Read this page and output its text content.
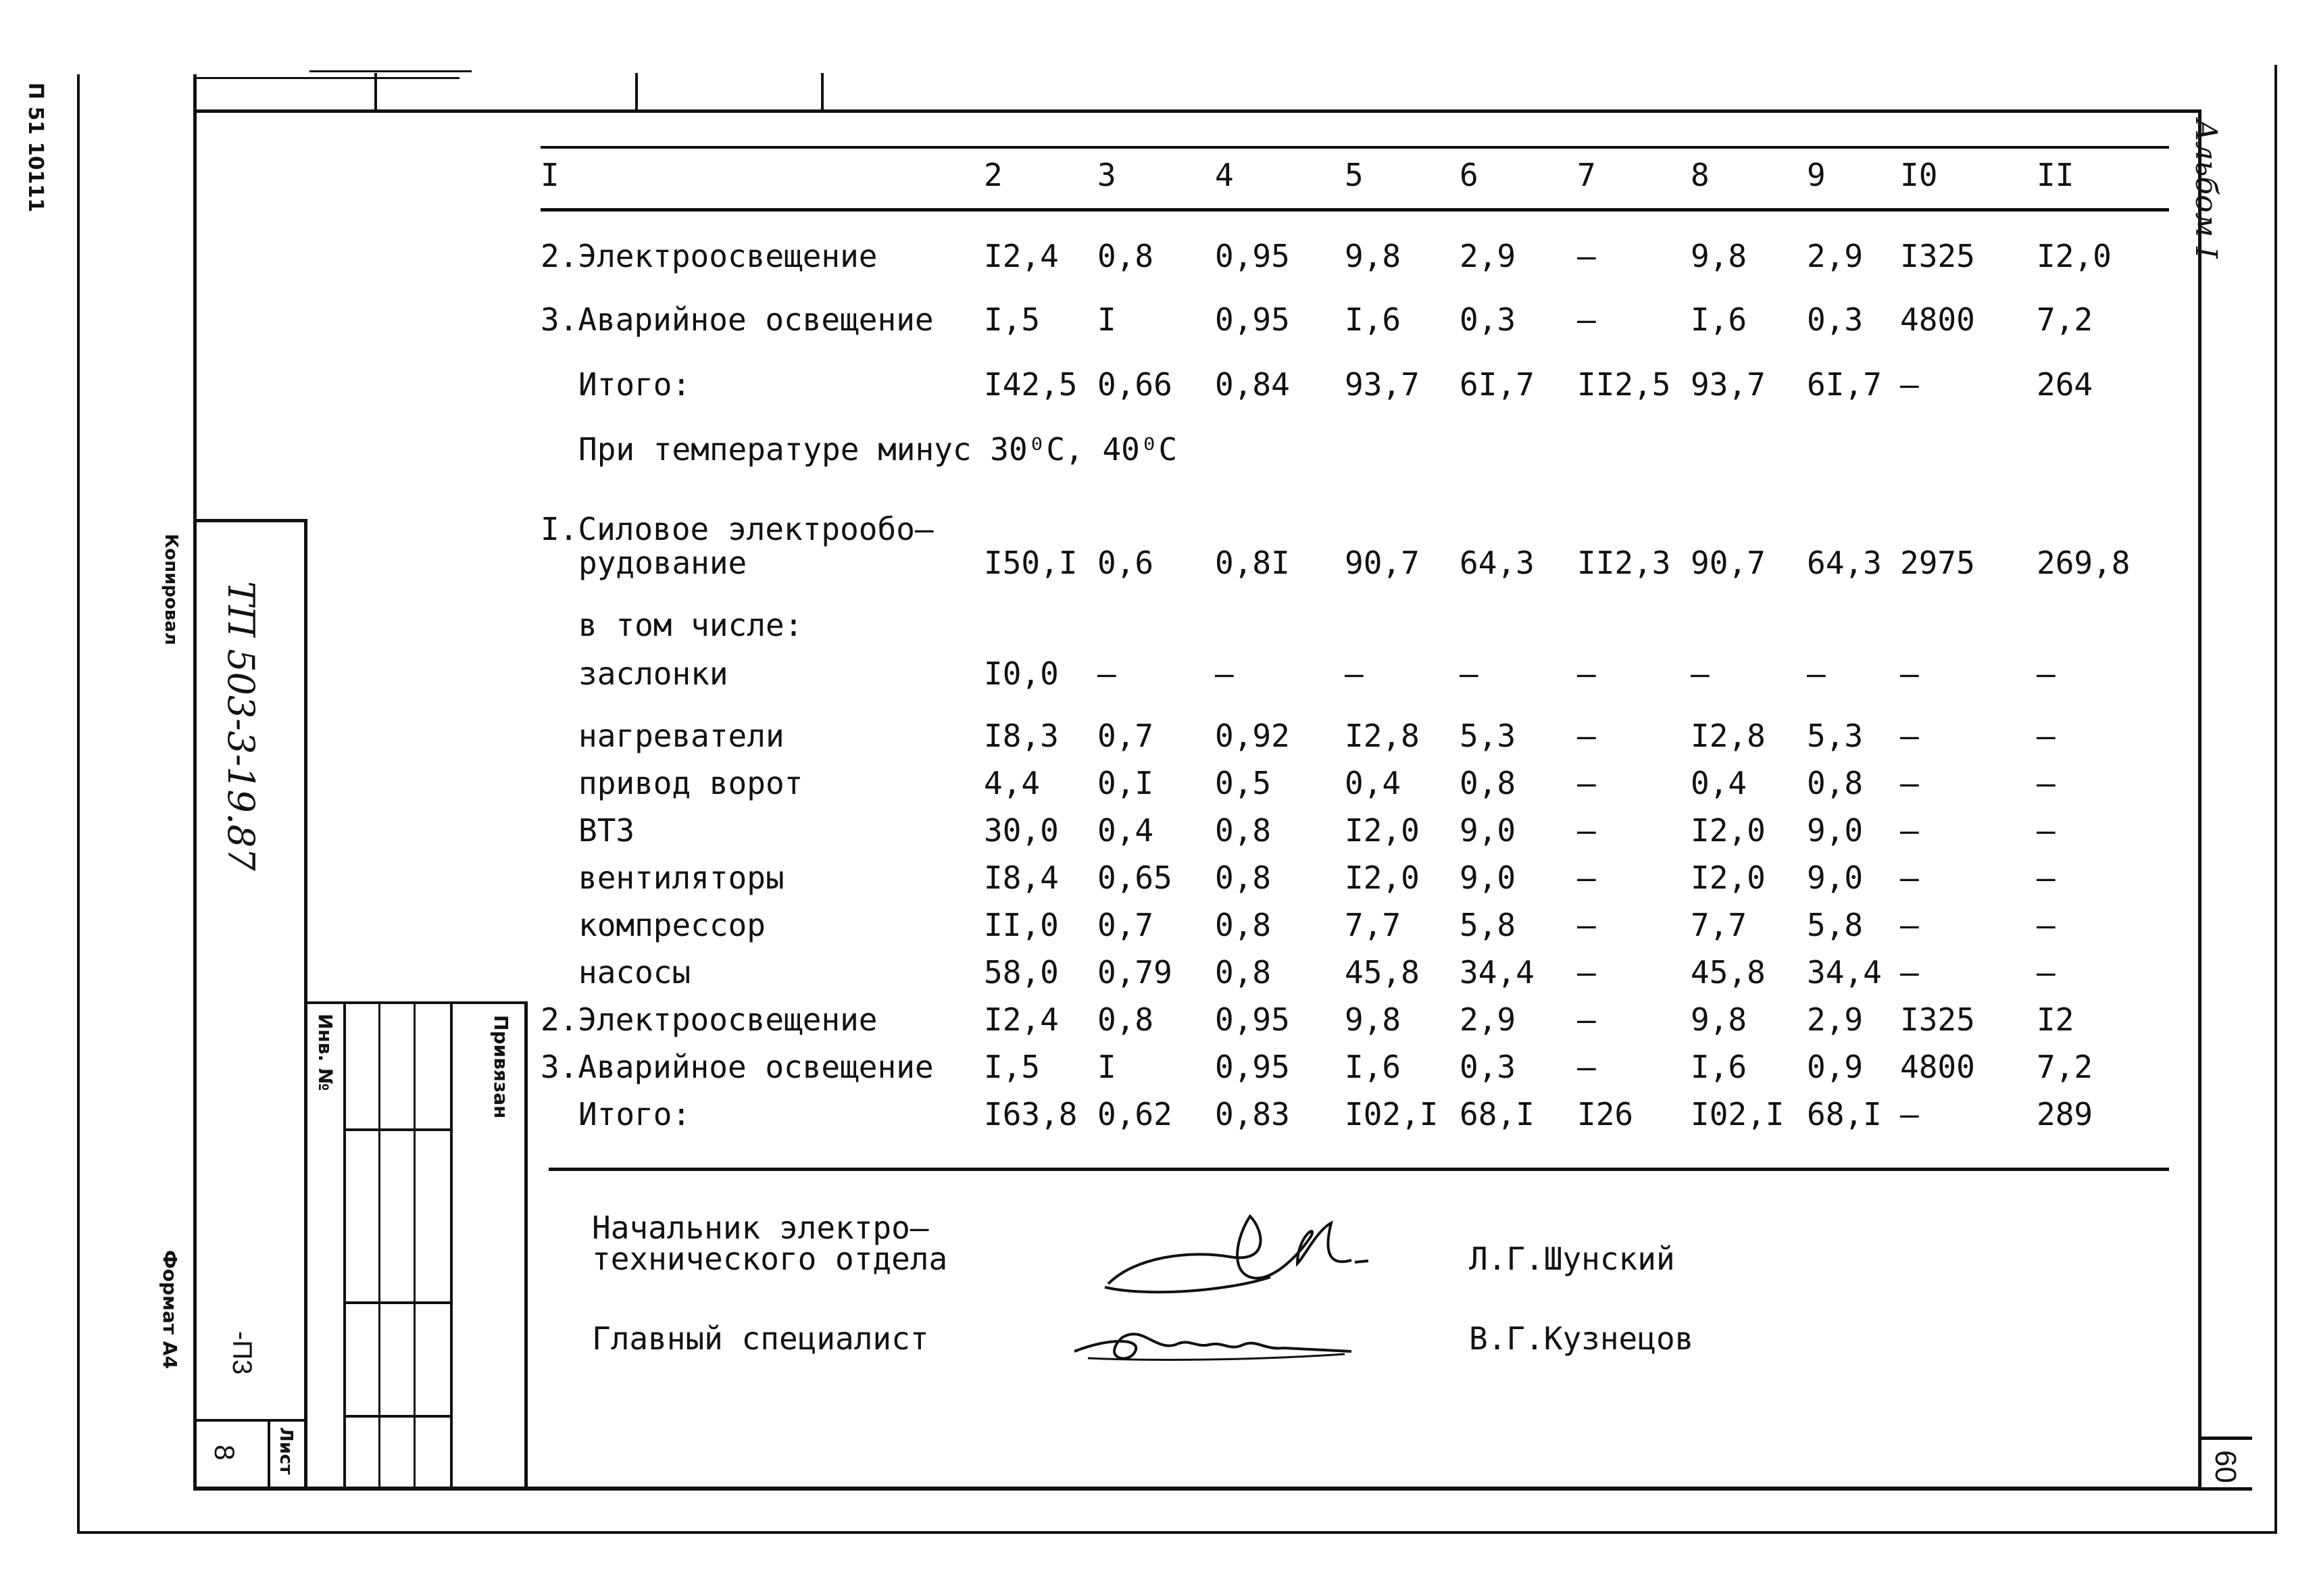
П 51 10111
Копировал
Формат А4
Альбом I
60
ТП 503-3-19.87
-П3
Лист
8
Инв. №	Привязан
I	2	3	4	5	6	7	8	9 I0	II
2.Электроосвещение	I2,4 0,8 0,95 9,8 2,9 –	9,8 2,9 I325 I2,0
3.Аварийное освещение I,5 I	0,95 I,6 0,3 –	I,6 0,3 4800 7,2
Итого:	I42,5 0,66 0,84 93,7 6I,7 II2,5 93,7 6I,7 –	264
При температуре минус 30⁰С, 40⁰С
I.Силовое электрообо–
рудование	I50,I 0,6 0,8I 90,7 64,3 II2,3 90,7 64,3 2975 269,8
в том числе:
заслонки	I0,0 –	–	–	–	–	–	– –	–
нагреватели	I8,3 0,7 0,92 I2,8 5,3 –	I2,8 5,3 –	–
привод ворот	4,4 0,I 0,5 0,4 0,8 –	0,4 0,8 –	–
ВТЗ	30,0 0,4 0,8 I2,0 9,0 –	I2,0 9,0 –	–
вентиляторы	I8,4 0,65 0,8 I2,0 9,0 –	I2,0 9,0 –	–
компрессор	II,0 0,7 0,8 7,7 5,8 –	7,7 5,8 –	–
насосы	58,0 0,79 0,8 45,8 34,4 –	45,8 34,4 –	–
2.Электроосвещение	I2,4 0,8 0,95 9,8 2,9 –	9,8 2,9 I325 I2
3.Аварийное освещение I,5 I	0,95 I,6 0,3 –	I,6 0,9 4800 7,2
Итого:	I63,8 0,62 0,83 I02,I 68,I I26 I02,I 68,I –	289
Начальник электро–
технического отдела	Л.Г.Шунский
Главный специалист	В.Г.Кузнецов
